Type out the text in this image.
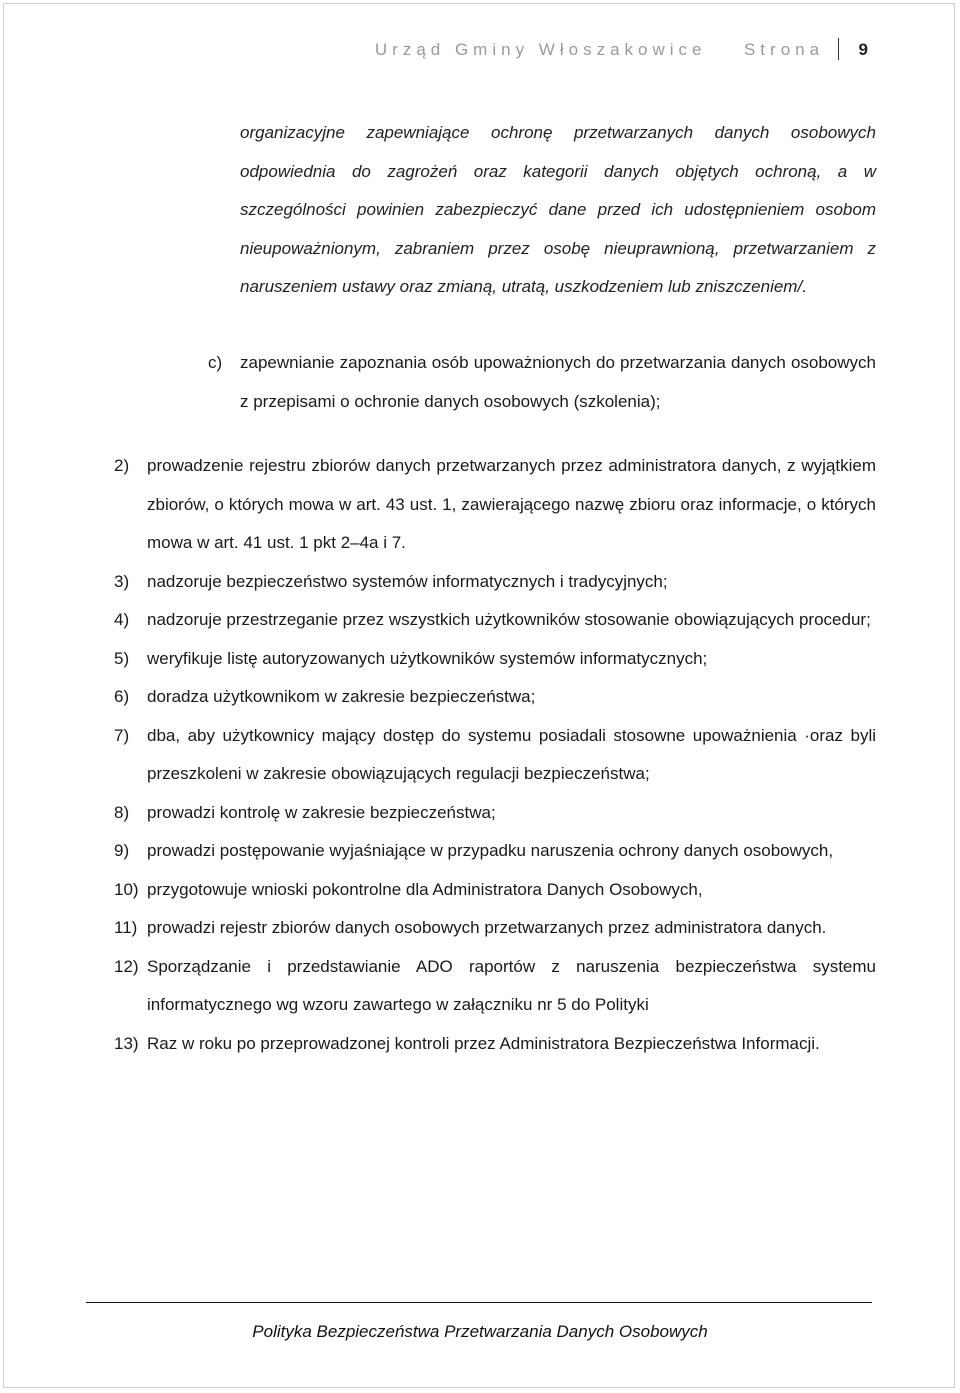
Urząd Gminy Włoszakowice Strona 9
organizacyjne zapewniające ochronę przetwarzanych danych osobowych odpowiednia do zagrożeń oraz kategorii danych objętych ochroną, a w szczególności powinien zabezpieczyć dane przed ich udostępnieniem osobom nieupoważnionym, zabraniem przez osobę nieuprawnioną, przetwarzaniem z naruszeniem ustawy oraz zmianą, utratą, uszkodzeniem lub zniszczeniem/.
c) zapewnianie zapoznania osób upoważnionych do przetwarzania danych osobowych z przepisami o ochronie danych osobowych (szkolenia);
2) prowadzenie rejestru zbiorów danych przetwarzanych przez administratora danych, z wyjątkiem zbiorów, o których mowa w art. 43 ust. 1, zawierającego nazwę zbioru oraz informacje, o których mowa w art. 41 ust. 1 pkt 2–4a i 7.
3) nadzoruje bezpieczeństwo systemów informatycznych i tradycyjnych;
4) nadzoruje przestrzeganie przez wszystkich użytkowników stosowanie obowiązujących procedur;
5) weryfikuje listę autoryzowanych użytkowników systemów informatycznych;
6) doradza użytkownikom w zakresie bezpieczeństwa;
7) dba, aby użytkownicy mający dostęp do systemu posiadali stosowne upoważnienia ·oraz byli przeszkoleni w zakresie obowiązujących regulacji bezpieczeństwa;
8) prowadzi kontrolę w zakresie bezpieczeństwa;
9) prowadzi postępowanie wyjaśniające w przypadku naruszenia ochrony danych osobowych,
10) przygotowuje wnioski pokontrolne dla Administratora Danych Osobowych,
11) prowadzi rejestr zbiorów danych osobowych przetwarzanych przez administratora danych.
12) Sporządzanie i przedstawianie ADO raportów z naruszenia bezpieczeństwa systemu informatycznego wg wzoru zawartego w załączniku nr 5 do Polityki
13) Raz w roku po przeprowadzonej kontroli przez Administratora Bezpieczeństwa Informacji.
Polityka Bezpieczeństwa Przetwarzania Danych Osobowych
